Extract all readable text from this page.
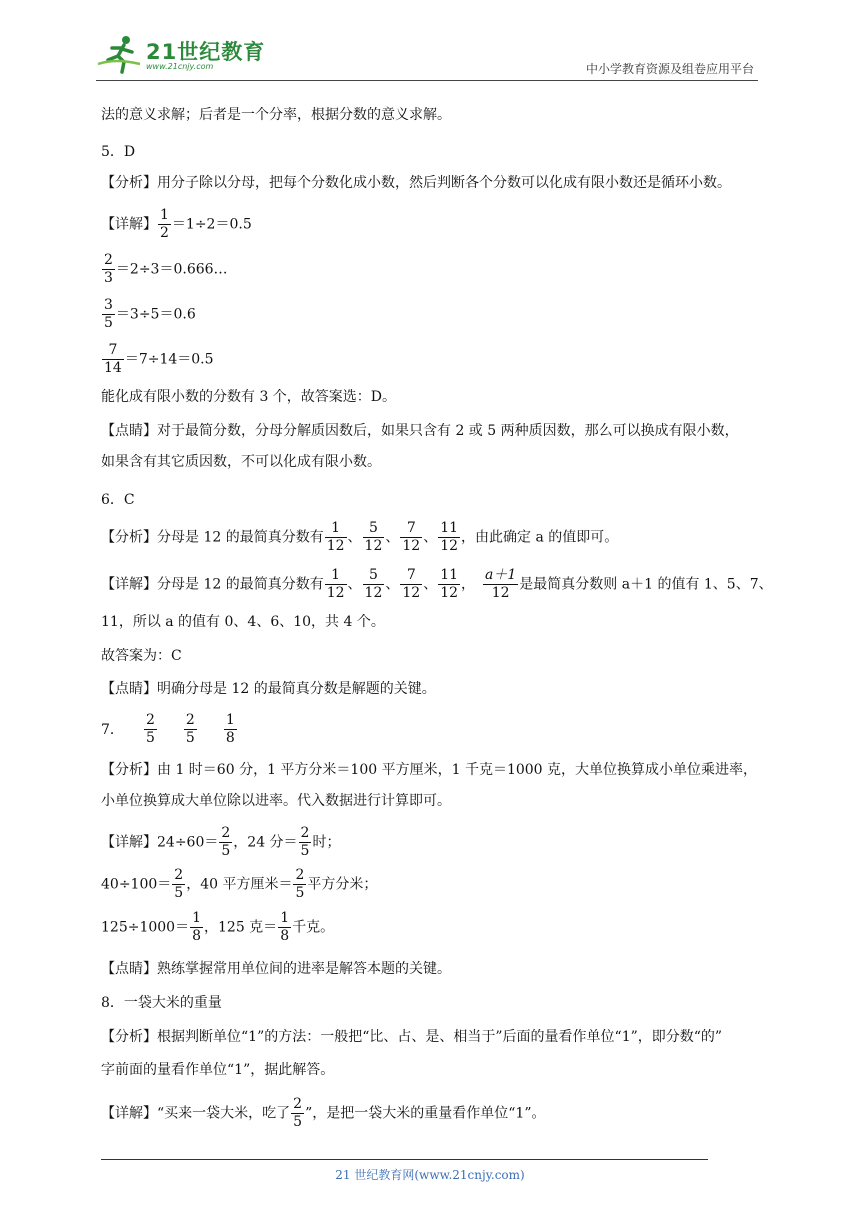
21世纪教育
www.21cnjy.com	中小学教育资源及组卷应用平台
法的意义求解；后者是一个分率，根据分数的意义求解。
5．D
【分析】用分子除以分母，把每个分数化成小数，然后判断各个分数可以化成有限小数还是循环小数。
【详解】 $\frac{1}{2} =1\div 2=0.5$
$\frac{2}{3}$ ＝2÷3＝0.666…
$\frac{3}{5} =3\div 5=0.6$
$\frac{7}{14} =7\div 14=0.5$
能化成有限小数的分数有 3 个，故答案选：D。
【点睛】对于最简分数，分母分解质因数后，如果只含有 2 或 5 两种质因数，那么可以换成有限小数，
如果含有其它质因数，不可以化成有限小数。
6．C
【分析】分母是 12 的最简真分数有 $\frac{1}{12}$ 、 $\frac{5}{12}$ 、 $\frac{7}{12}$ 、 $\frac{11}{12}$ ，由此确定 a 的值即可。
【详解】分母是 12 的最简真分数有 $\frac{1}{12}$ 、 $\frac{5}{12}$ 、 $\frac{7}{12}$ 、 $\frac{11}{12}$ ， $\frac{a+1}{12}$ 是最简真分数则 a＋1 的值有 1、5、7、
11，所以 a 的值有 0、4、6、10，共 4 个。
故答案为：C
【点睛】明确分母是 12 的最简真分数是解题的关键。
7． $\frac{2}{5} \frac{2}{5} \frac{1}{8}$
【分析】由 1 时＝60 分，1 平方分米＝100 平方厘米，1 千克＝1000 克，大单位换算成小单位乘进率，
小单位换算成大单位除以进率。代入数据进行计算即可。
【详解】$24\div 60= \frac{2}{5}$ ，24 分＝ $\frac{2}{5}$ 时；
$40\div 100= \frac{2}{5}$ ，40 平方厘米＝ $\frac{2}{5}$ 平方分米；
$125\div 1000= \frac{1}{8}$ ，125 克＝ $\frac{1}{8}$ 千克。
【点睛】熟练掌握常用单位间的进率是解答本题的关键。
8．一袋大米的重量
【分析】根据判断单位“1”的方法：一般把“比、占、是、相当于”后面的量看作单位“1”，即分数“的”
字前面的量看作单位“1”，据此解答。
【详解】“买来一袋大米，吃了 $\frac{2}{5}$ ”，是把一袋大米的重量看作单位“1”。
21 世纪教育网(www.21cnjy.com)
